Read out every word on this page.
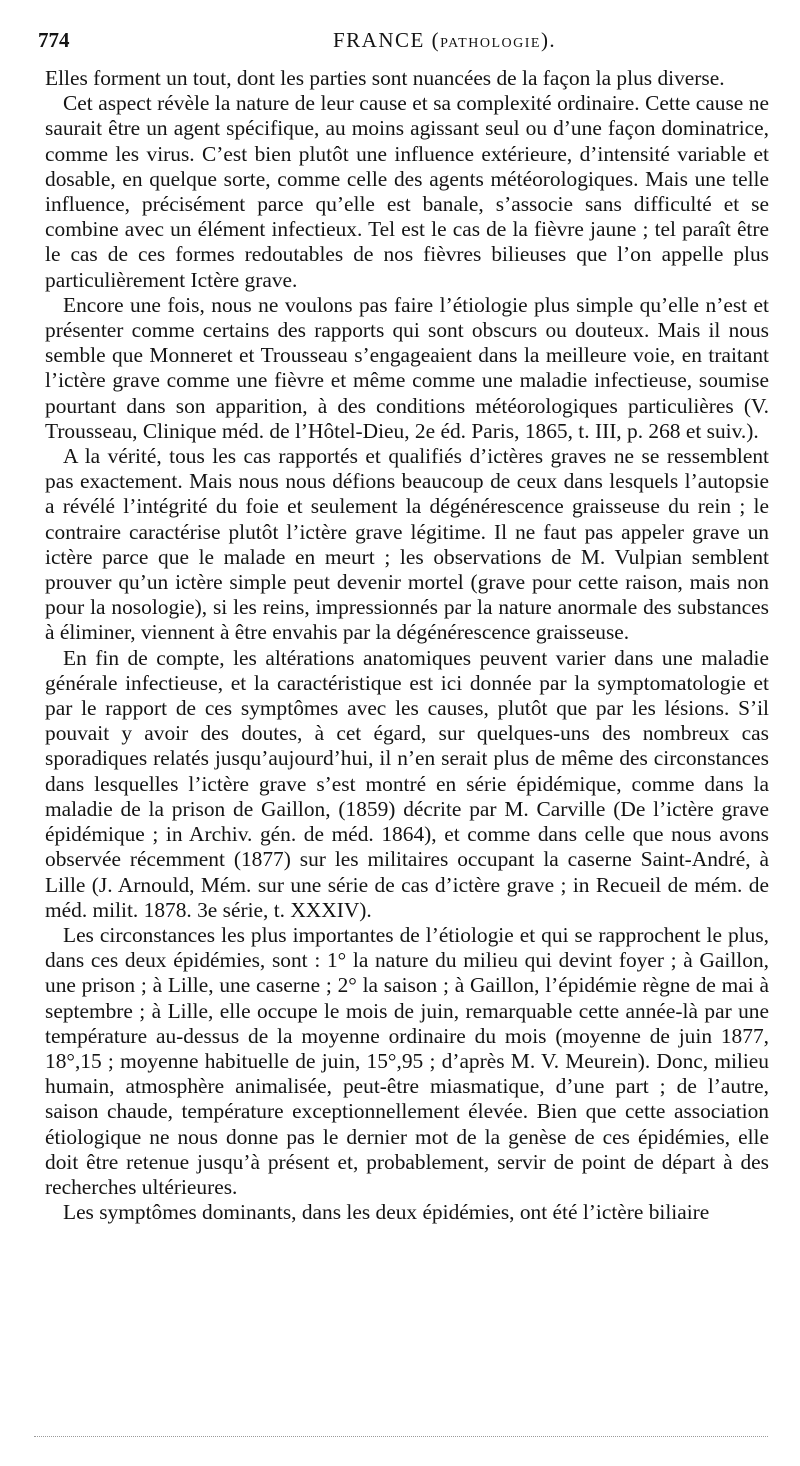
774	FRANCE (PATHOLOGIE).

Elles forment un tout, dont les parties sont nuancées de la façon la plus diverse.

Cet aspect révèle la nature de leur cause et sa complexité ordinaire. Cette cause ne saurait être un agent spécifique, au moins agissant seul ou d’une façon dominatrice, comme les virus. C’est bien plutôt une influence extérieure, d’intensité variable et dosable, en quelque sorte, comme celle des agents météorologiques. Mais une telle influence, précisément parce qu’elle est banale, s’associe sans difficulté et se combine avec un élément infectieux. Tel est le cas de la fièvre jaune ; tel paraît être le cas de ces formes redoutables de nos fièvres bilieuses que l’on appelle plus particulièrement Ictère grave.

Encore une fois, nous ne voulons pas faire l’étiologie plus simple qu’elle n’est et présenter comme certains des rapports qui sont obscurs ou douteux. Mais il nous semble que Monneret et Trousseau s’engageaient dans la meilleure voie, en traitant l’ictère grave comme une fièvre et même comme une maladie infectieuse, soumise pourtant dans son apparition, à des conditions météorologiques particulières (V. Trousseau, Clinique méd. de l’Hôtel-Dieu, 2e éd. Paris, 1865, t. III, p. 268 et suiv.).

A la vérité, tous les cas rapportés et qualifiés d’ictères graves ne se ressemblent pas exactement. Mais nous nous défions beaucoup de ceux dans lesquels l’autopsie a révélé l’intégrité du foie et seulement la dégénérescence graisseuse du rein ; le contraire caractérise plutôt l’ictère grave légitime. Il ne faut pas appeler grave un ictère parce que le malade en meurt ; les observations de M. Vulpian semblent prouver qu’un ictère simple peut devenir mortel (grave pour cette raison, mais non pour la nosologie), si les reins, impressionnés par la nature anormale des substances à éliminer, viennent à être envahis par la dégénérescence graisseuse.

En fin de compte, les altérations anatomiques peuvent varier dans une maladie générale infectieuse, et la caractéristique est ici donnée par la symptomatologie et par le rapport de ces symptômes avec les causes, plutôt que par les lésions. S’il pouvait y avoir des doutes, à cet égard, sur quelques-uns des nombreux cas sporadiques relatés jusqu’aujourd’hui, il n’en serait plus de même des circonstances dans lesquelles l’ictère grave s’est montré en série épidémique, comme dans la maladie de la prison de Gaillon, (1859) décrite par M. Carville (De l’ictère grave épidémique ; in Archiv. gén. de méd. 1864), et comme dans celle que nous avons observée récemment (1877) sur les militaires occupant la caserne Saint-André, à Lille (J. Arnould, Mém. sur une série de cas d’ictère grave ; in Recueil de mém. de méd. milit. 1878. 3e série, t. XXXIV).

Les circonstances les plus importantes de l’étiologie et qui se rapprochent le plus, dans ces deux épidémies, sont : 1° la nature du milieu qui devint foyer ; à Gaillon, une prison ; à Lille, une caserne ; 2° la saison ; à Gaillon, l’épidémie règne de mai à septembre ; à Lille, elle occupe le mois de juin, remarquable cette année-là par une température au-dessus de la moyenne ordinaire du mois (moyenne de juin 1877, 18°,15 ; moyenne habituelle de juin, 15°,95 ; d’après M. V. Meurein). Donc, milieu humain, atmosphère animalisée, peut-être miasmatique, d’une part ; de l’autre, saison chaude, température exceptionnellement élevée. Bien que cette association étiologique ne nous donne pas le dernier mot de la genèse de ces épidémies, elle doit être retenue jusqu’à présent et, probablement, servir de point de départ à des recherches ultérieures.

Les symptômes dominants, dans les deux épidémies, ont été l’ictère biliaire
